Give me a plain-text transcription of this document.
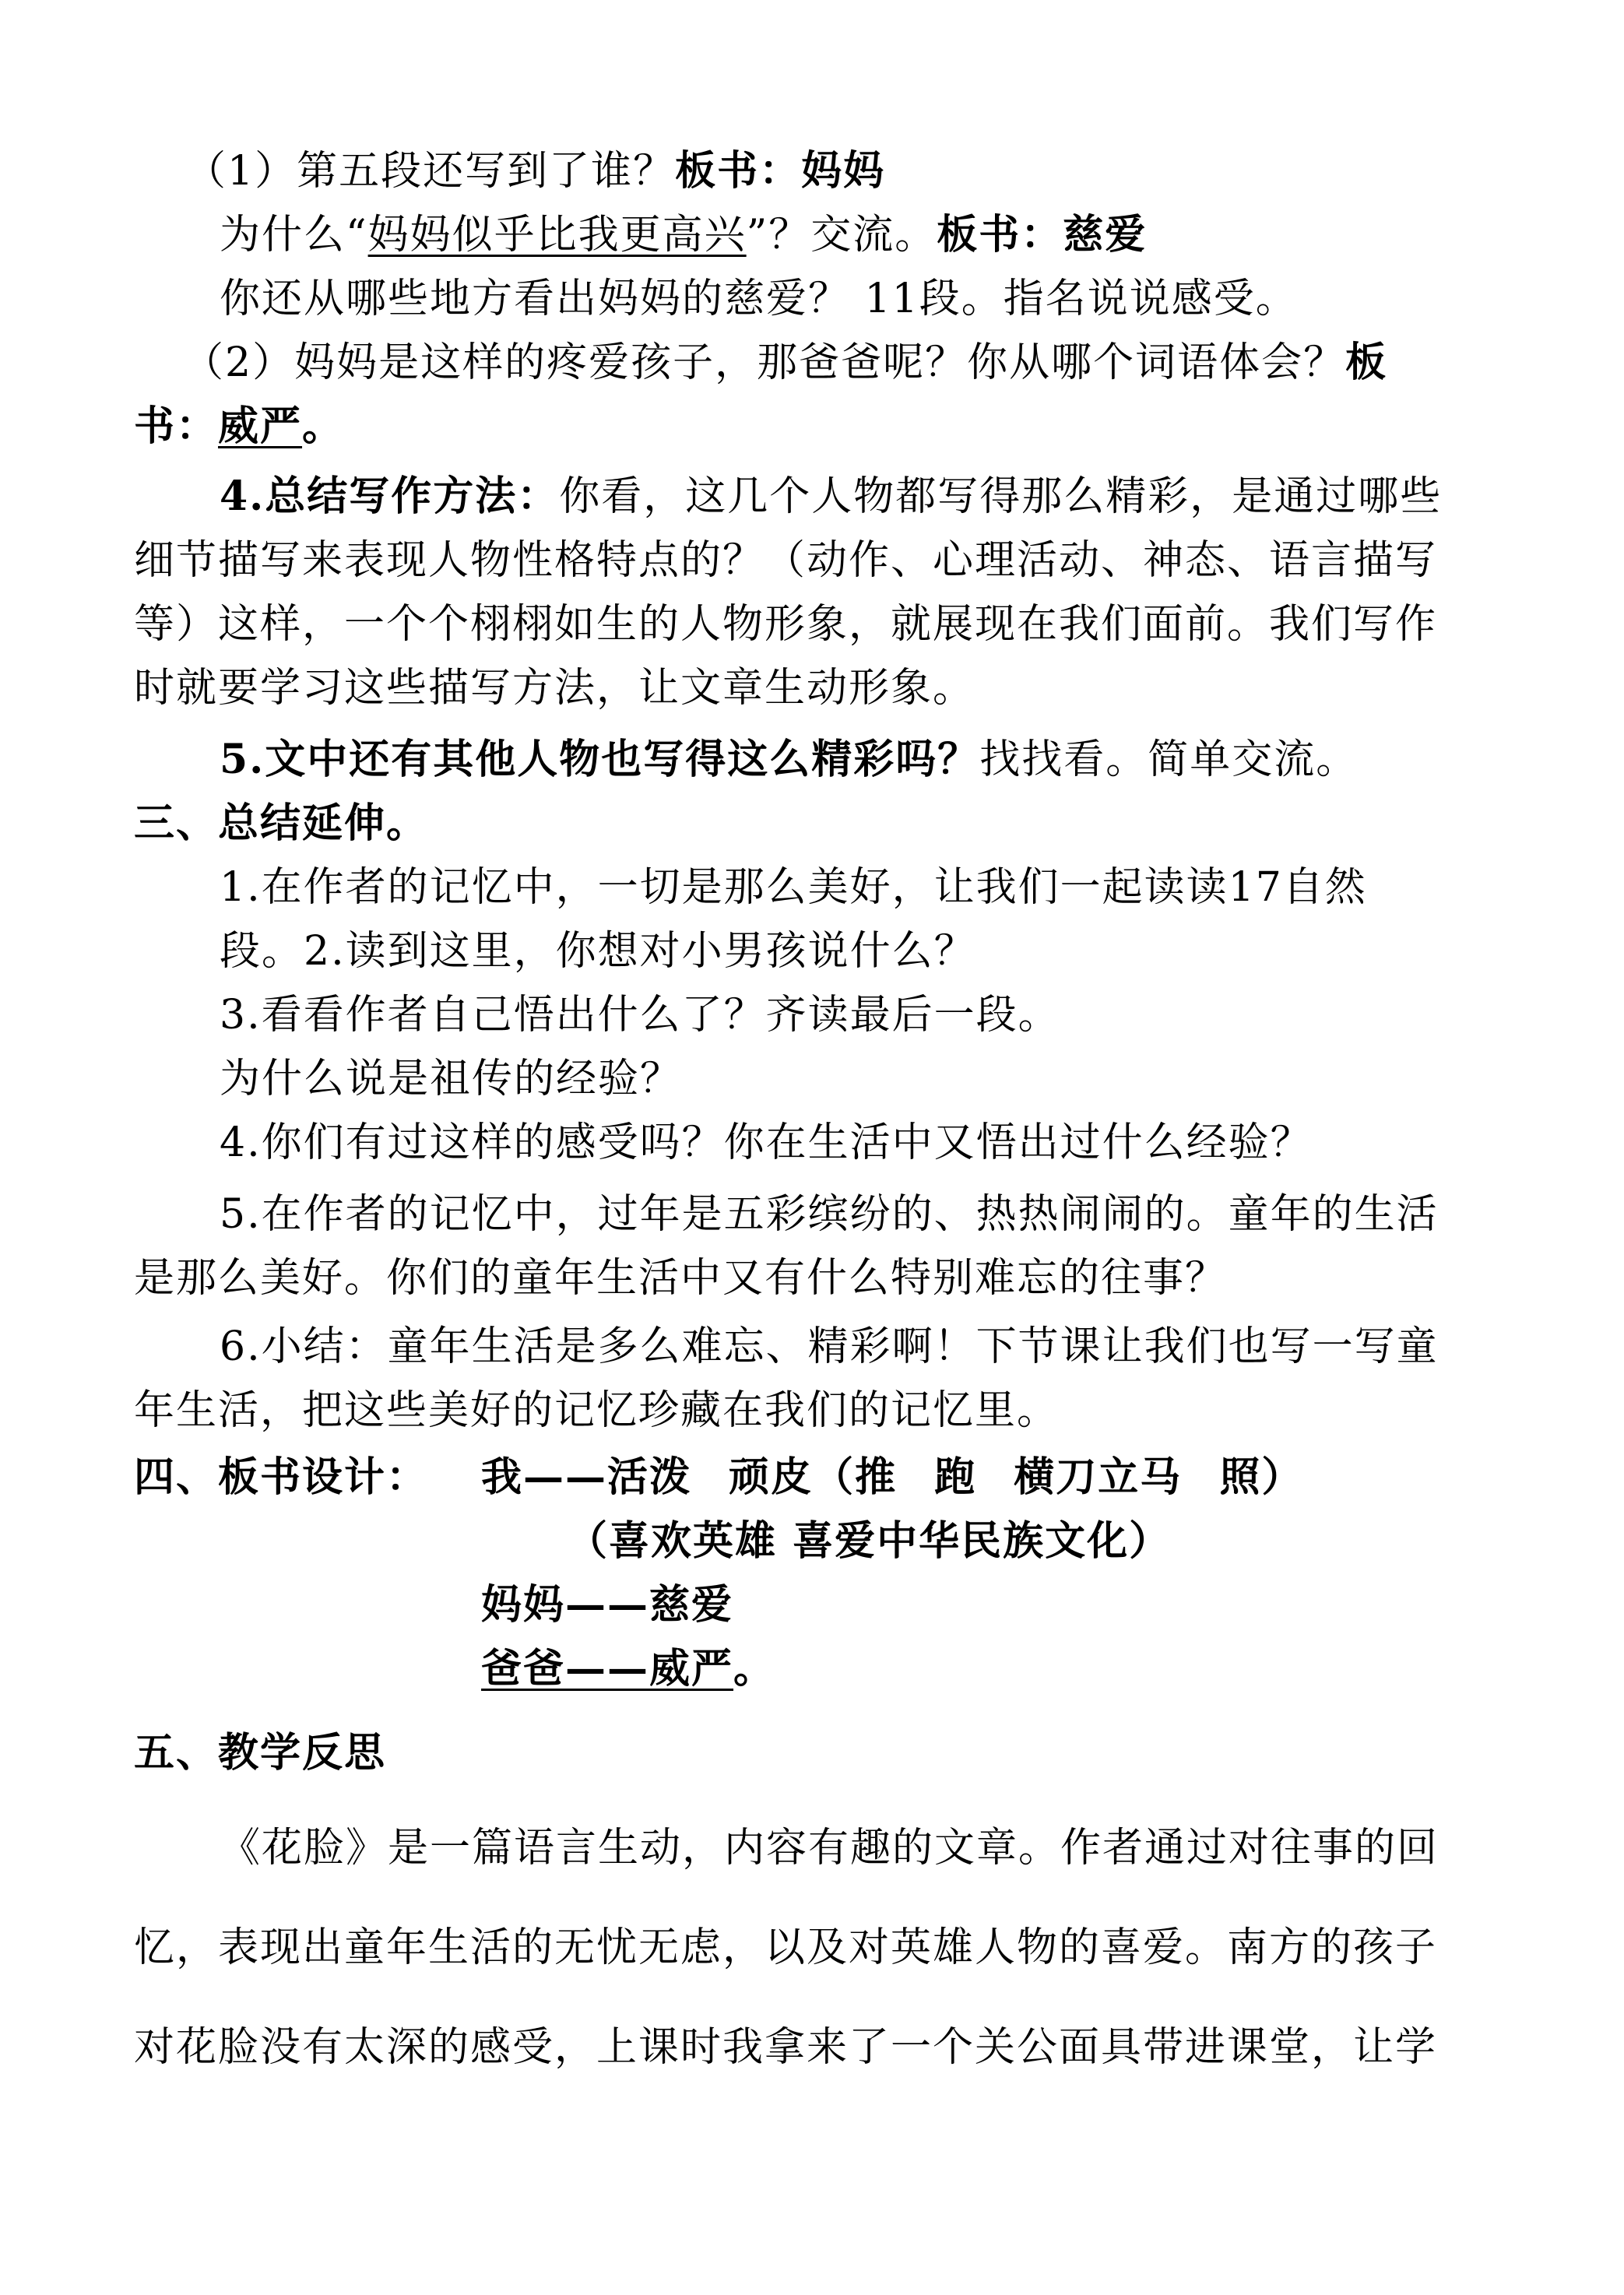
（1）第五段还写到了谁？板书：妈妈
为什么“妈妈似乎比我更高兴”？交流。板书：慈爱
你还从哪些地方看出妈妈的慈爱？ 11段。指名说说感受。
（2）妈妈是这样的疼爱孩子，那爸爸呢？你从哪个词语体会？板
书：威严。
4.总结写作方法：你看，这几个人物都写得那么精彩，是通过哪些
细节描写来表现人物性格特点的？（动作、心理活动、神态、语言描写
等）这样，一个个栩栩如生的人物形象，就展现在我们面前。我们写作
时就要学习这些描写方法，让文章生动形象。
5.文中还有其他人物也写得这么精彩吗？找找看。简单交流。
三、总结延伸。
1.在作者的记忆中，一切是那么美好，让我们一起读读17自然
段。2.读到这里，你想对小男孩说什么？
3.看看作者自己悟出什么了？齐读最后一段。
为什么说是祖传的经验？
4.你们有过这样的感受吗？你在生活中又悟出过什么经验？
5.在作者的记忆中，过年是五彩缤纷的、热热闹闹的。童年的生活
是那么美好。你们的童年生活中又有什么特别难忘的往事？
6.小结：童年生活是多么难忘、精彩啊！下节课让我们也写一写童
年生活，把这些美好的记忆珍藏在我们的记忆里。
四、板书设计： 我——活泼 顽皮（推 跑 横刀立马 照）
（喜欢英雄 喜爱中华民族文化）
妈妈——慈爱
爸爸——威严。
五、教学反思
《花脸》是一篇语言生动，内容有趣的文章。作者通过对往事的回
忆，表现出童年生活的无忧无虑，以及对英雄人物的喜爱。南方的孩子
对花脸没有太深的感受，上课时我拿来了一个关公面具带进课堂，让学
